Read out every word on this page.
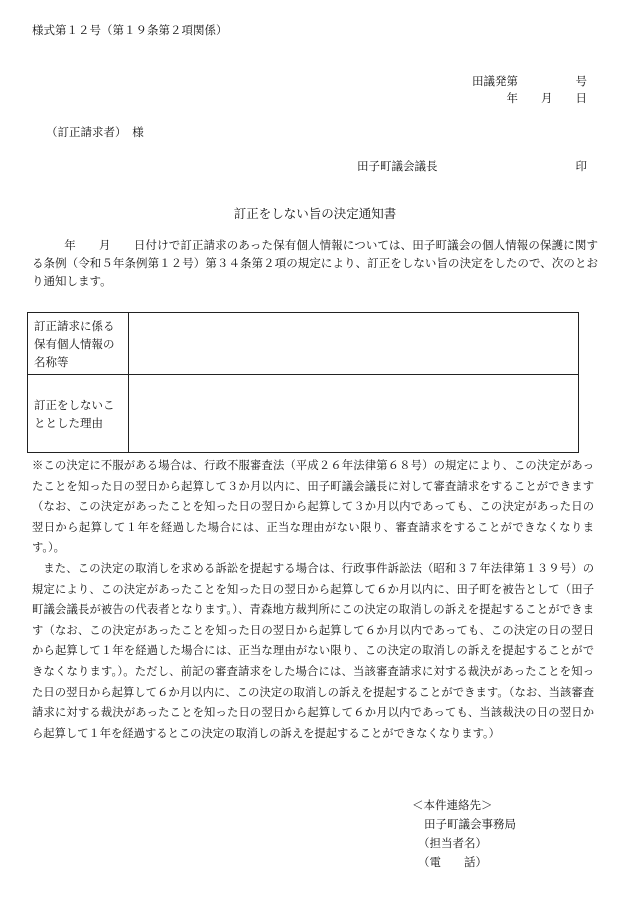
様式第１２号（第１９条第２項関係）
田議発第　　　　　号
年　　月　　日
（訂正請求者）　様
田子町議会議長　　　　　　　　　　　　印
訂正をしない旨の決定通知書

年　　月　　日付けで訂正請求のあった保有個人情報については、田子町議会の個人情報の保護に関する条例（令和５年条例第１２号）第３４条第２項の規定により、訂正をしない旨の決定をしたので、次のとおり通知します。

訂正請求に係る保有個人情報の名称等	
訂正をしないこととした理由	

※この決定に不服がある場合は、行政不服審査法（平成２６年法律第６８号）の規定により、この決定があったことを知った日の翌日から起算して３か月以内に、田子町議会議長に対して審査請求をすることができます（なお、この決定があったことを知った日の翌日から起算して３か月以内であっても、この決定があった日の翌日から起算して１年を経過した場合には、正当な理由がない限り、審査請求をすることができなくなります。）。

また、この決定の取消しを求める訴訟を提起する場合は、行政事件訴訟法（昭和３７年法律第１３９号）の規定により、この決定があったことを知った日の翌日から起算して６か月以内に、田子町を被告として（田子町議会議長が被告の代表者となります。）、青森地方裁判所にこの決定の取消しの訴えを提起することができます（なお、この決定があったことを知った日の翌日から起算して６か月以内であっても、この決定の日の翌日から起算して１年を経過した場合には、正当な理由がない限り、この決定の取消しの訴えを提起することができなくなります。）。ただし、前記の審査請求をした場合には、当該審査請求に対する裁決があったことを知った日の翌日から起算して６か月以内に、この決定の取消しの訴えを提起することができます。（なお、当該審査請求に対する裁決があったことを知った日の翌日から起算して６か月以内であっても、当該裁決の日の翌日から起算して１年を経過するとこの決定の取消しの訴えを提起することができなくなります。）

＜本件連絡先＞
田子町議会事務局
（担当者名）
（電　　話）
